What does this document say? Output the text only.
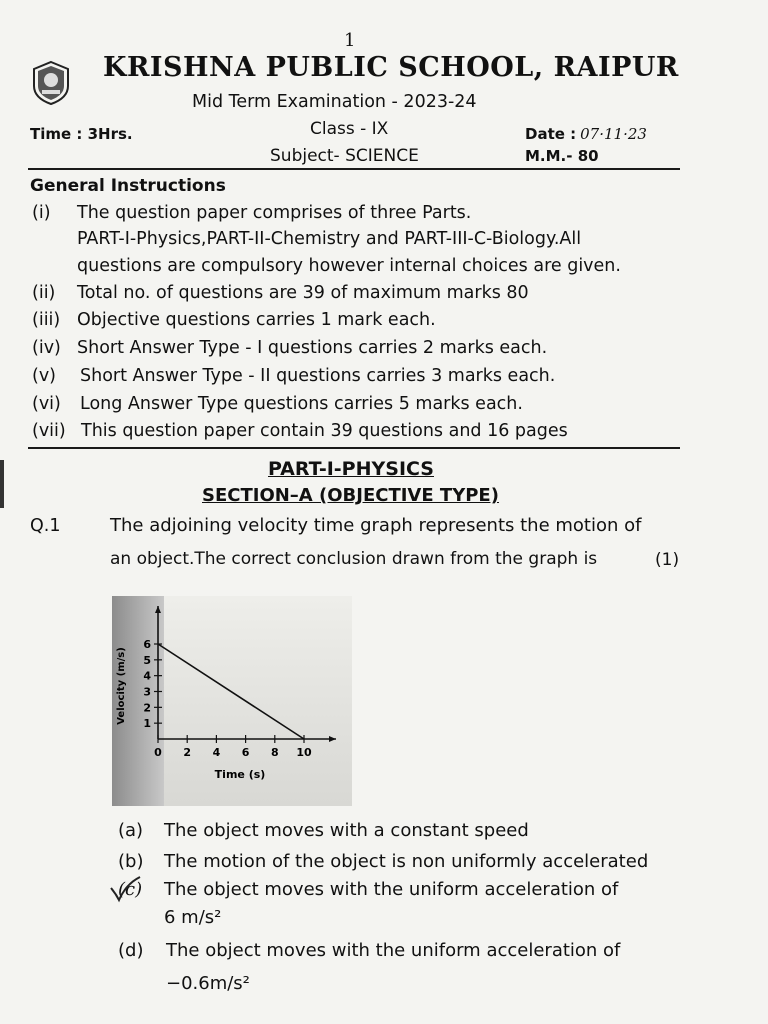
1
KRISHNA PUBLIC SCHOOL, RAIPUR
Mid Term Examination - 2023-24
Time : 3Hrs.	Class - IX
Subject- SCIENCE
Date : 07·11·23
M.M.- 80
General Instructions
(i) The question paper comprises of three Parts.
PART-I-Physics,PART-II-Chemistry and PART-III-C-Biology.All
questions are compulsory however internal choices are given.
(ii) Total no. of questions are 39 of maximum marks 80
(iii) Objective questions carries 1 mark each.
(iv) Short Answer Type - I questions carries 2 marks each.
(v) Short Answer Type - II questions carries 3 marks each.
(vi) Long Answer Type questions carries 5 marks each.
(vii) This question paper contain 39 questions and 16 pages
PART-I-PHYSICS
SECTION–A (OBJECTIVE TYPE)
Q.1	The adjoining velocity time graph represents the motion of
an object.The correct conclusion drawn from the graph is	(1)
0 2 4 6 8 10
1
2
3
4
5
6
Velocity (m/s)
Time (s)
(a) The object moves with a constant speed
(b) The motion of the object is non uniformly accelerated
(c) The object moves with the uniform acceleration of
6 m/s²
(d) The object moves with the uniform acceleration of
−0.6m/s²
